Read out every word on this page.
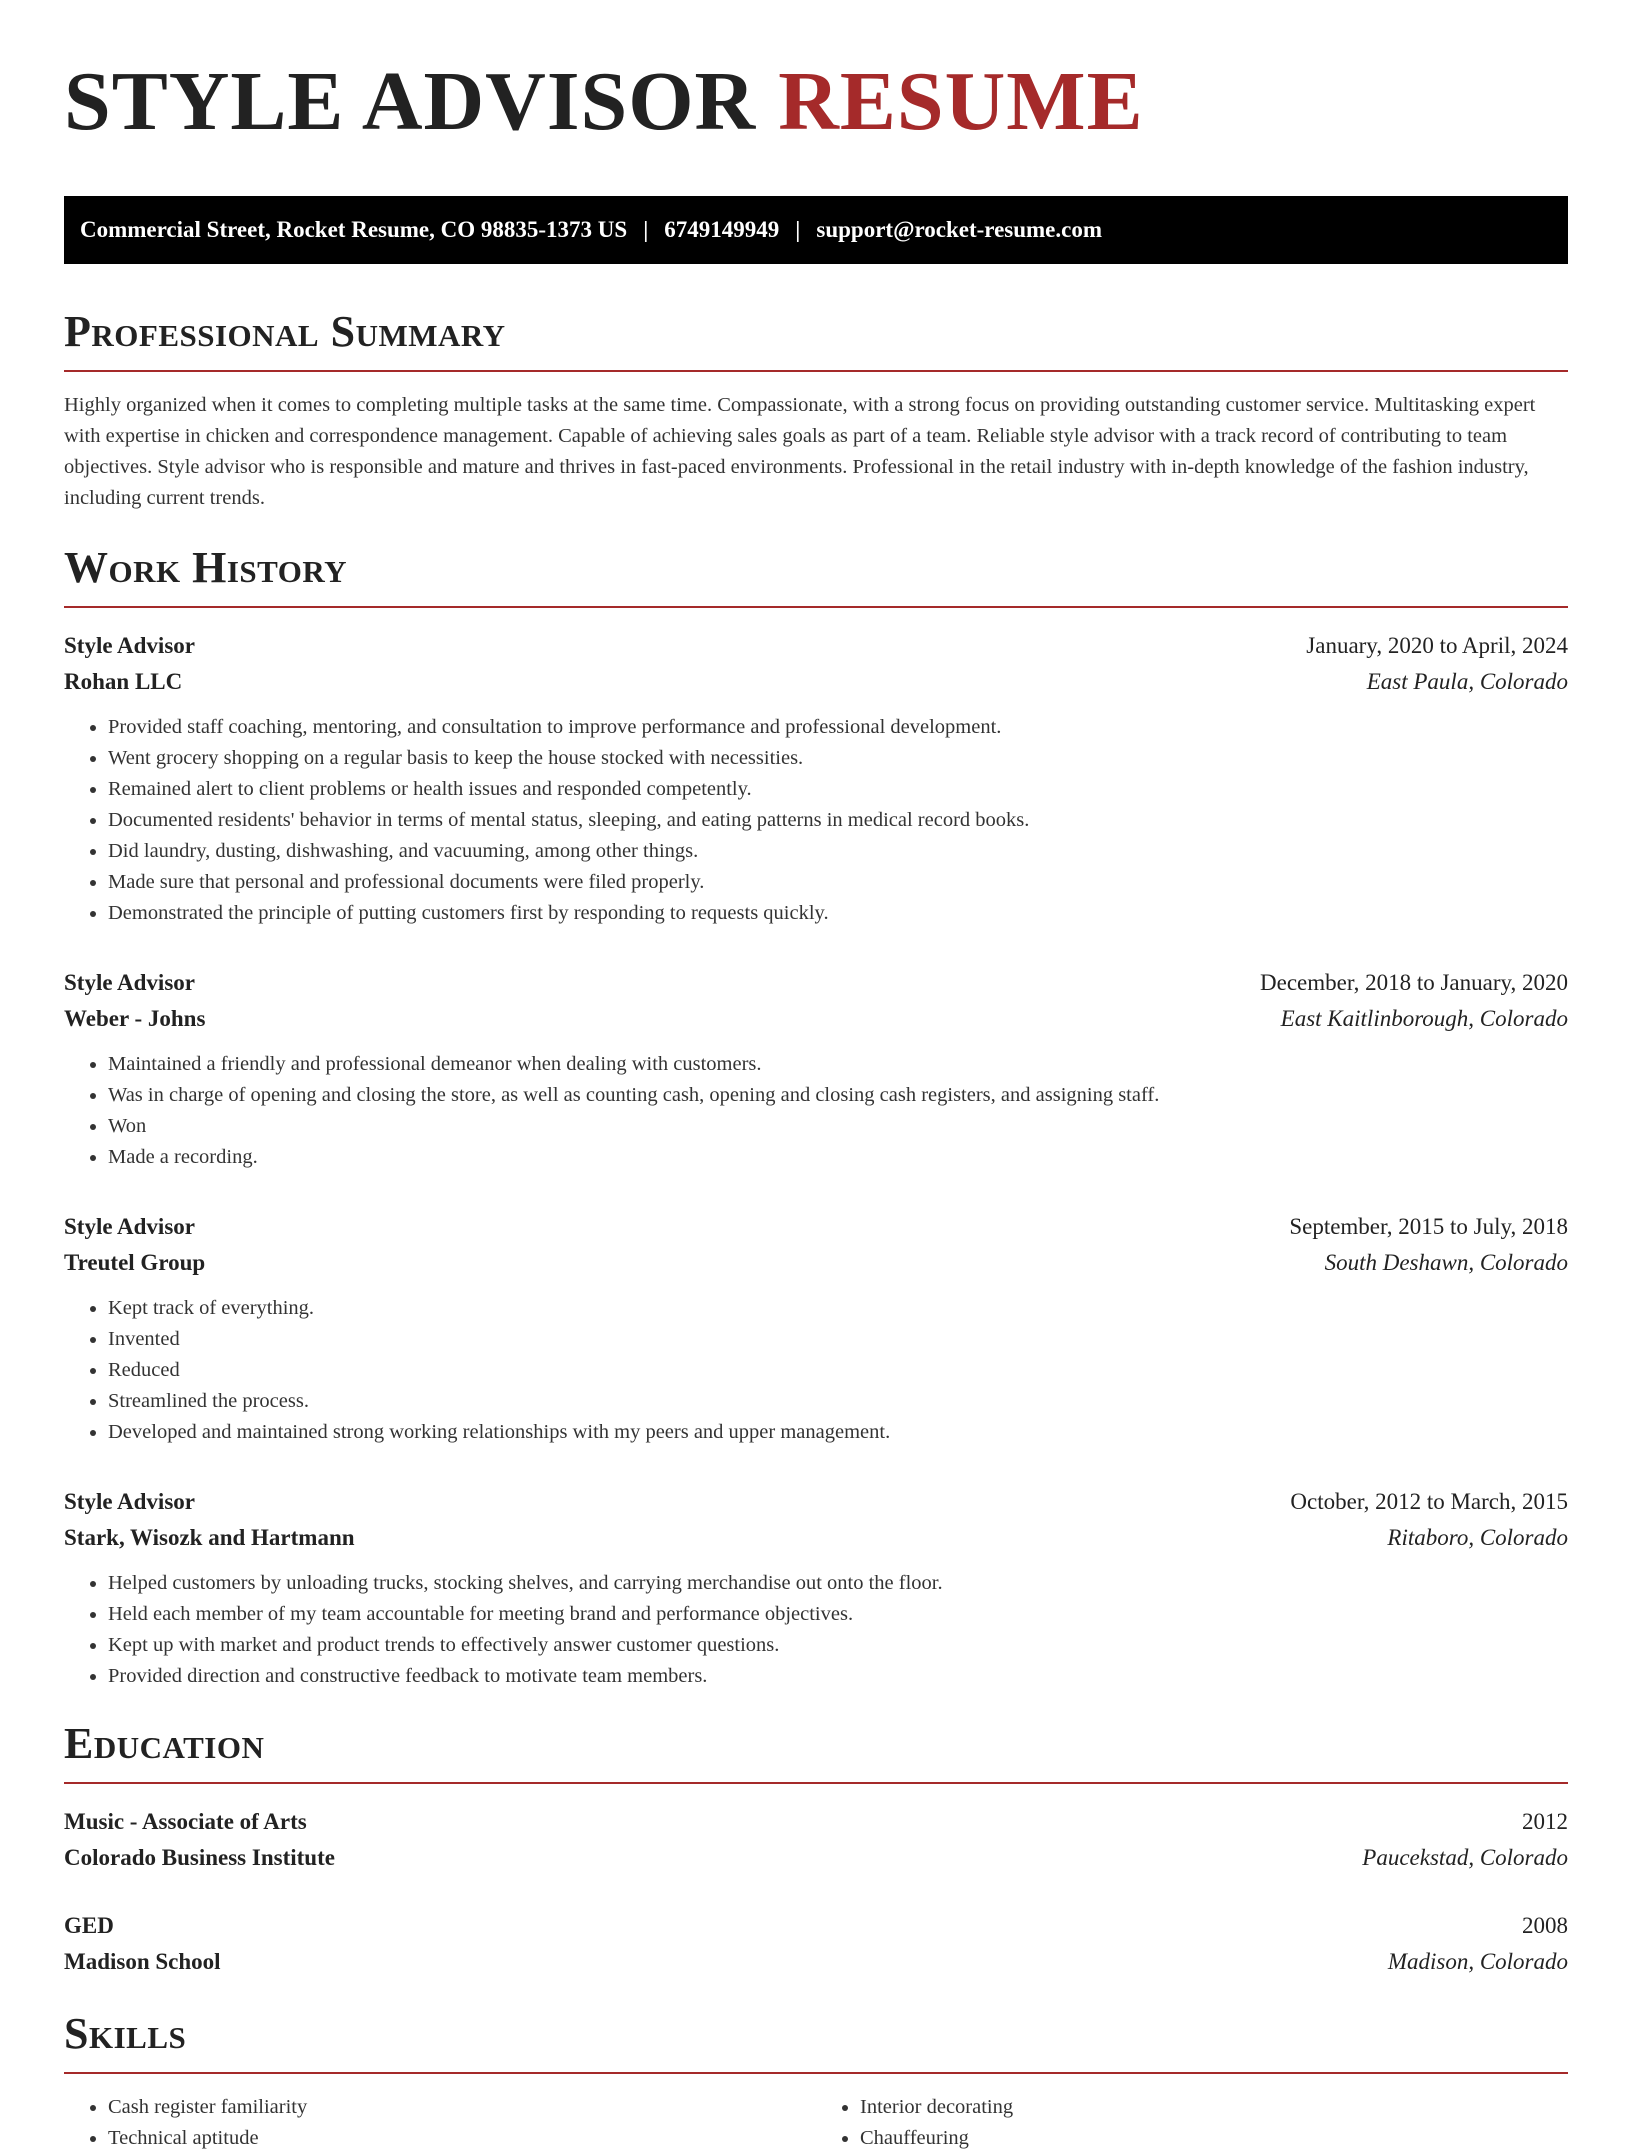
STYLE ADVISOR RESUME
Commercial Street, Rocket Resume, CO 98835-1373 US | 6749149949 | support@rocket-resume.com
Professional Summary

Highly organized when it comes to completing multiple tasks at the same time. Compassionate, with a strong focus on providing outstanding customer service. Multitasking expert with expertise in chicken and correspondence management. Capable of achieving sales goals as part of a team. Reliable style advisor with a track record of contributing to team objectives. Style advisor who is responsible and mature and thrives in fast-paced environments. Professional in the retail industry with in-depth knowledge of the fashion industry, including current trends.

Work History
Style Advisor	January, 2020 to April, 2024
Rohan LLC	East Paula, Colorado
• Provided staff coaching, mentoring, and consultation to improve performance and professional development.
• Went grocery shopping on a regular basis to keep the house stocked with necessities.
• Remained alert to client problems or health issues and responded competently.
• Documented residents' behavior in terms of mental status, sleeping, and eating patterns in medical record books.
• Did laundry, dusting, dishwashing, and vacuuming, among other things.
• Made sure that personal and professional documents were filed properly.
• Demonstrated the principle of putting customers first by responding to requests quickly.
Style Advisor	December, 2018 to January, 2020
Weber - Johns	East Kaitlinborough, Colorado
• Maintained a friendly and professional demeanor when dealing with customers.
• Was in charge of opening and closing the store, as well as counting cash, opening and closing cash registers, and assigning staff.
• Won
• Made a recording.
Style Advisor	September, 2015 to July, 2018
Treutel Group	South Deshawn, Colorado
• Kept track of everything.
• Invented
• Reduced
• Streamlined the process.
• Developed and maintained strong working relationships with my peers and upper management.
Style Advisor	October, 2012 to March, 2015
Stark, Wisozk and Hartmann	Ritaboro, Colorado
• Helped customers by unloading trucks, stocking shelves, and carrying merchandise out onto the floor.
• Held each member of my team accountable for meeting brand and performance objectives.
• Kept up with market and product trends to effectively answer customer questions.
• Provided direction and constructive feedback to motivate team members.
Education
Music - Associate of Arts	2012
Colorado Business Institute	Paucekstad, Colorado
GED	2008
Madison School	Madison, Colorado
Skills
• Cash register familiarity
• Technical aptitude
• Interior decorating
• Chauffeuring
